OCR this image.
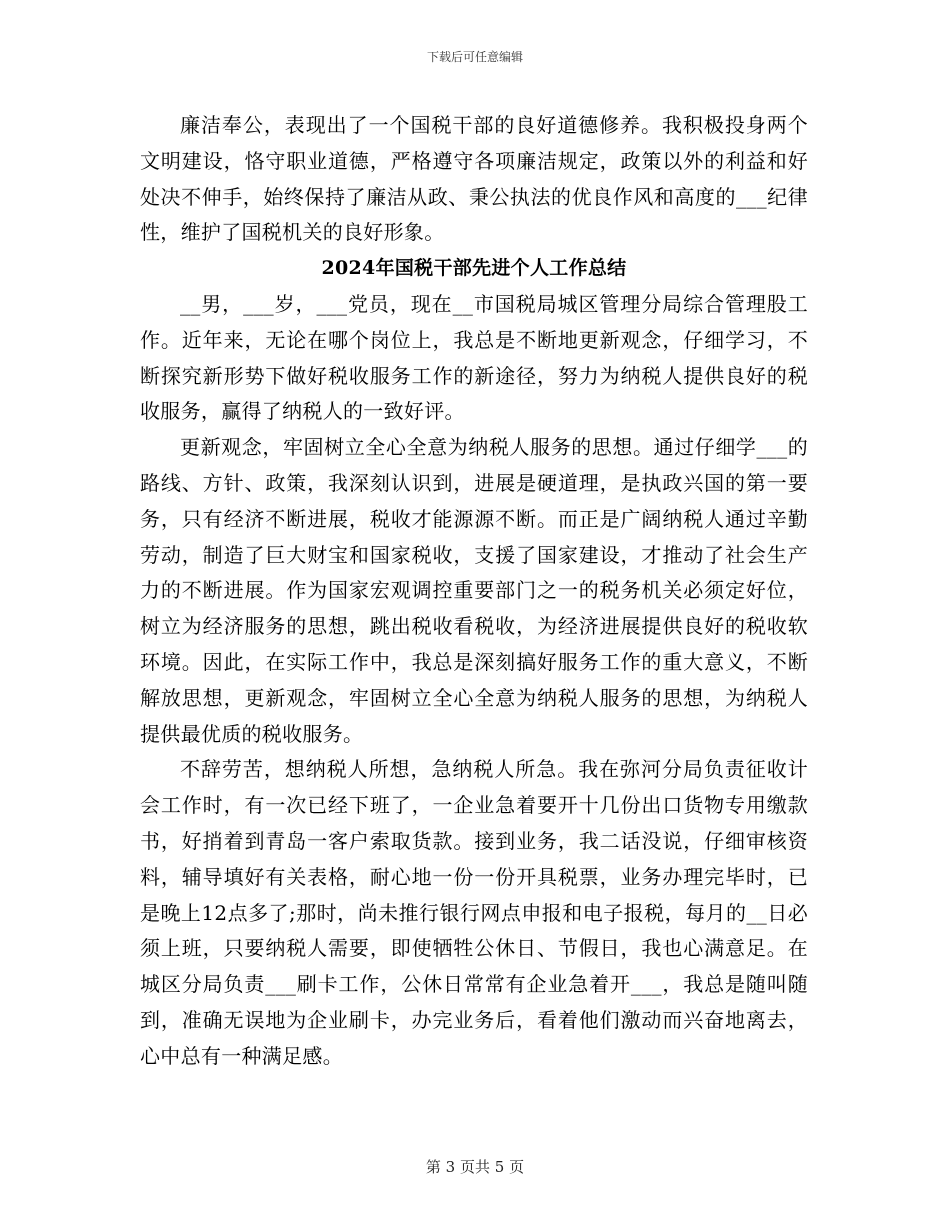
下载后可任意编辑

廉洁奉公，表现出了一个国税干部的良好道德修养。我积极投身两个文明建设，恪守职业道德，严格遵守各项廉洁规定，政策以外的利益和好处决不伸手，始终保持了廉洁从政、秉公执法的优良作风和高度的___纪律性，维护了国税机关的良好形象。

2024年国税干部先进个人工作总结

__男，___岁，___党员，现在__市国税局城区管理分局综合管理股工作。近年来，无论在哪个岗位上，我总是不断地更新观念，仔细学习，不断探究新形势下做好税收服务工作的新途径，努力为纳税人提供良好的税收服务，赢得了纳税人的一致好评。

更新观念，牢固树立全心全意为纳税人服务的思想。通过仔细学___的路线、方针、政策，我深刻认识到，进展是硬道理，是执政兴国的第一要务，只有经济不断进展，税收才能源源不断。而正是广阔纳税人通过辛勤劳动，制造了巨大财宝和国家税收，支援了国家建设，才推动了社会生产力的不断进展。作为国家宏观调控重要部门之一的税务机关必须定好位，树立为经济服务的思想，跳出税收看税收，为经济进展提供良好的税收软环境。因此，在实际工作中，我总是深刻搞好服务工作的重大意义，不断解放思想，更新观念，牢固树立全心全意为纳税人服务的思想，为纳税人提供最优质的税收服务。

不辞劳苦，想纳税人所想，急纳税人所急。我在弥河分局负责征收计会工作时，有一次已经下班了，一企业急着要开十几份出口货物专用缴款书，好捎着到青岛一客户索取货款。接到业务，我二话没说，仔细审核资料，辅导填好有关表格，耐心地一份一份开具税票，业务办理完毕时，已是晚上12点多了;那时，尚未推行银行网点申报和电子报税，每月的__日必须上班，只要纳税人需要，即使牺牲公休日、节假日，我也心满意足。在城区分局负责___刷卡工作，公休日常常有企业急着开___，我总是随叫随到，准确无误地为企业刷卡，办完业务后，看着他们激动而兴奋地离去，心中总有一种满足感。

第 3 页共 5 页
